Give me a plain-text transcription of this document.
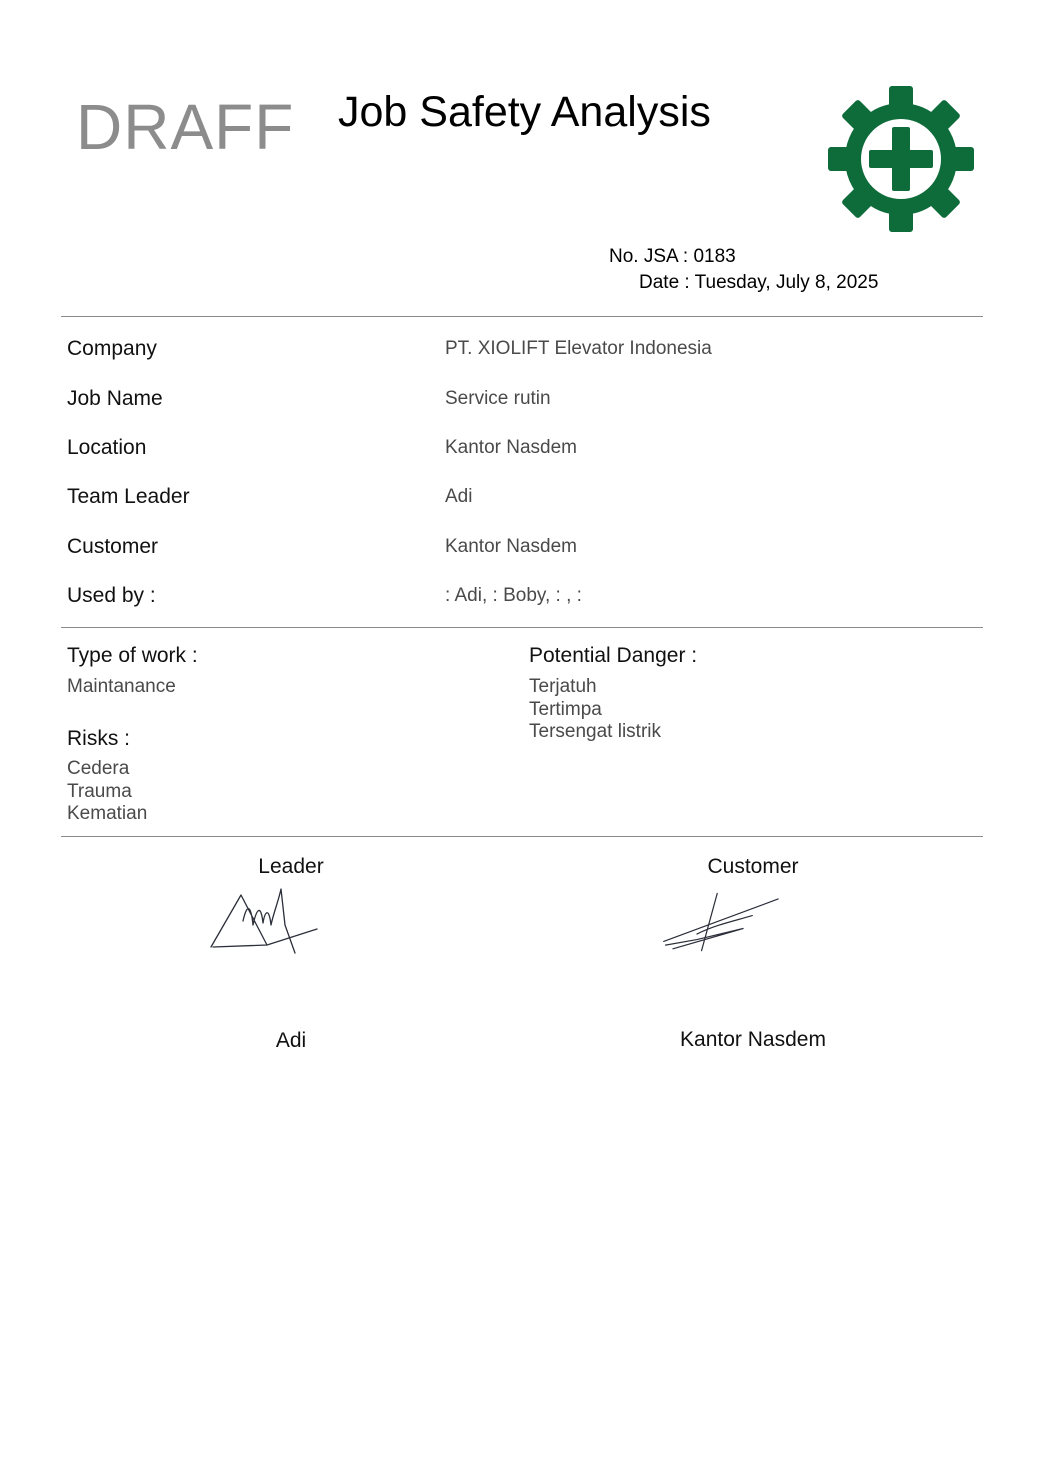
DRAFF Job Safety Analysis
No. JSA : 0183
Date : Tuesday, July 8, 2025
Company	PT. XIOLIFT Elevator Indonesia
Job Name	Service rutin
Location	Kantor Nasdem
Team Leader	Adi
Customer	Kantor Nasdem
Used by :	: Adi, : Boby, : , :
Type of work :
Maintanance
Risks :
Cedera
Trauma
Kematian
Potential Danger :
Terjatuh
Tertimpa
Tersengat listrik
Leader
Adi
Customer
Kantor Nasdem
